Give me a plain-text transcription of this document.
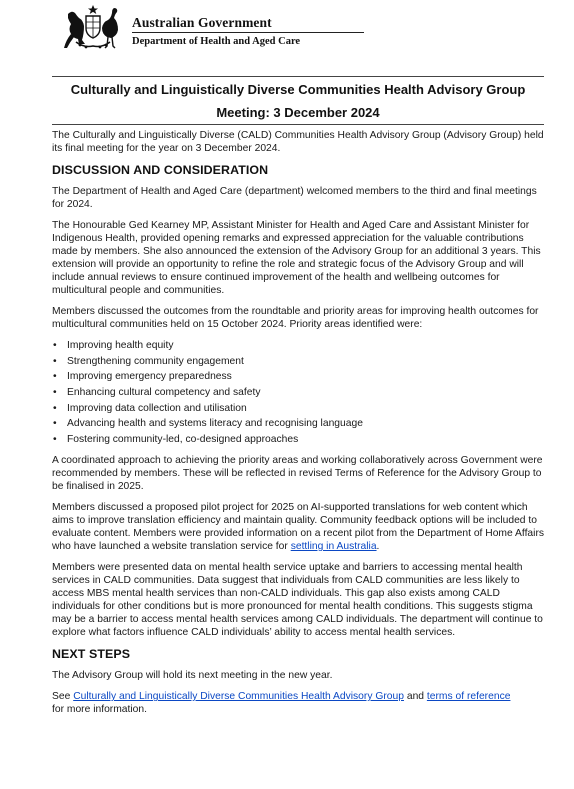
Australian Government
Department of Health and Aged Care
Culturally and Linguistically Diverse Communities Health Advisory Group
Meeting: 3 December 2024

The Culturally and Linguistically Diverse (CALD) Communities Health Advisory Group (Advisory Group) held its final meeting for the year on 3 December 2024.

DISCUSSION AND CONSIDERATION

The Department of Health and Aged Care (department) welcomed members to the third and final meetings for 2024.

The Honourable Ged Kearney MP, Assistant Minister for Health and Aged Care and Assistant Minister for Indigenous Health, provided opening remarks and expressed appreciation for the valuable contributions made by members. She also announced the extension of the Advisory Group for an additional 3 years. This extension will provide an opportunity to refine the role and strategic focus of the Advisory Group and will include annual reviews to ensure continued improvement of the health and wellbeing outcomes for multicultural people and communities.

Members discussed the outcomes from the roundtable and priority areas for improving health outcomes for multicultural communities held on 15 October 2024. Priority areas identified were:

• Improving health equity
• Strengthening community engagement
• Improving emergency preparedness
• Enhancing cultural competency and safety
• Improving data collection and utilisation
• Advancing health and systems literacy and recognising language
• Fostering community-led, co-designed approaches

A coordinated approach to achieving the priority areas and working collaboratively across Government were recommended by members. These will be reflected in revised Terms of Reference for the Advisory Group to be finalised in 2025.

Members discussed a proposed pilot project for 2025 on AI-supported translations for web content which aims to improve translation efficiency and maintain quality. Community feedback options will be included to evaluate content. Members were provided information on a recent pilot from the Department of Home Affairs who have launched a website translation service for settling in Australia.

Members were presented data on mental health service uptake and barriers to accessing mental health services in CALD communities. Data suggest that individuals from CALD communities are less likely to access MBS mental health services than non-CALD individuals. This gap also exists among CALD individuals for other conditions but is more pronounced for mental health conditions. This suggests stigma may be a barrier to access mental health services among CALD individuals. The department will continue to explore what factors influence CALD individuals’ ability to access mental health services.

NEXT STEPS

The Advisory Group will hold its next meeting in the new year.

See Culturally and Linguistically Diverse Communities Health Advisory Group and terms of reference
for more information.
